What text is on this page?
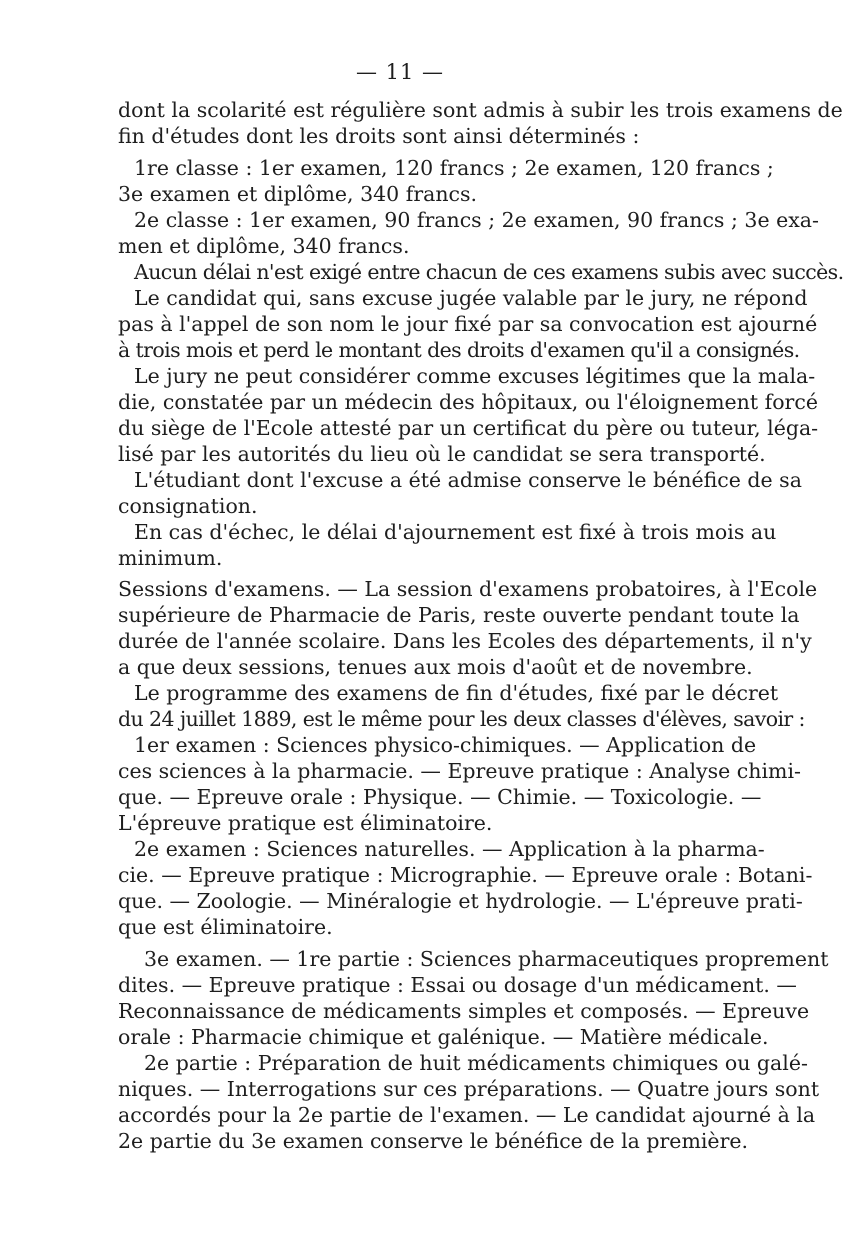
— 11 —
dont la scolarité est régulière sont admis à subir les trois examens de
fin d'études dont les droits sont ainsi déterminés :
1re classe : 1er examen, 120 francs ; 2e examen, 120 francs ;
3e examen et diplôme, 340 francs.
2e classe : 1er examen, 90 francs ; 2e examen, 90 francs ; 3e exa-
men et diplôme, 340 francs.
Aucun délai n'est exigé entre chacun de ces examens subis avec succès.
Le candidat qui, sans excuse jugée valable par le jury, ne répond
pas à l'appel de son nom le jour fixé par sa convocation est ajourné
à trois mois et perd le montant des droits d'examen qu'il a consignés.
Le jury ne peut considérer comme excuses légitimes que la mala-
die, constatée par un médecin des hôpitaux, ou l'éloignement forcé
du siège de l'Ecole attesté par un certificat du père ou tuteur, léga-
lisé par les autorités du lieu où le candidat se sera transporté.
L'étudiant dont l'excuse a été admise conserve le bénéfice de sa
consignation.
En cas d'échec, le délai d'ajournement est fixé à trois mois au
minimum.
Sessions d'examens. — La session d'examens probatoires, à l'Ecole
supérieure de Pharmacie de Paris, reste ouverte pendant toute la
durée de l'année scolaire. Dans les Ecoles des départements, il n'y
a que deux sessions, tenues aux mois d'août et de novembre.
Le programme des examens de fin d'études, fixé par le décret
du 24 juillet 1889, est le même pour les deux classes d'élèves, savoir :
1er examen : Sciences physico-chimiques. — Application de
ces sciences à la pharmacie. — Epreuve pratique : Analyse chimi-
que. — Epreuve orale : Physique. — Chimie. — Toxicologie. —
L'épreuve pratique est éliminatoire.
2e examen : Sciences naturelles. — Application à la pharma-
cie. — Epreuve pratique : Micrographie. — Epreuve orale : Botani-
que. — Zoologie. — Minéralogie et hydrologie. — L'épreuve prati-
que est éliminatoire.
3e examen. — 1re partie : Sciences pharmaceutiques proprement
dites. — Epreuve pratique : Essai ou dosage d'un médicament. —
Reconnaissance de médicaments simples et composés. — Epreuve
orale : Pharmacie chimique et galénique. — Matière médicale.
2e partie : Préparation de huit médicaments chimiques ou galé-
niques. — Interrogations sur ces préparations. — Quatre jours sont
accordés pour la 2e partie de l'examen. — Le candidat ajourné à la
2e partie du 3e examen conserve le bénéfice de la première.
